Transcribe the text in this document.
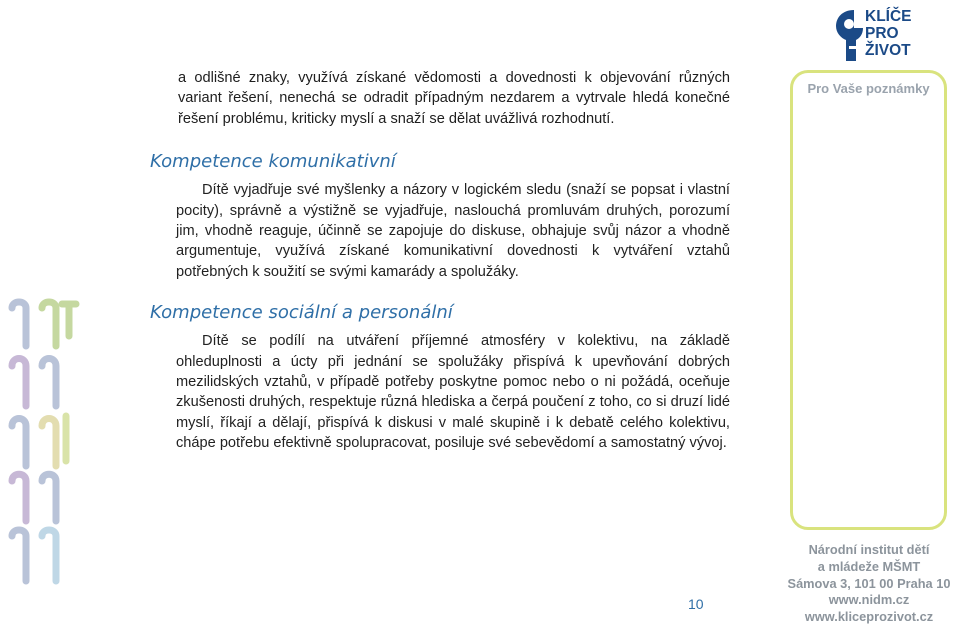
KLÍČE
PRO
ŽIVOT
Pro Vaše poznámky

a odlišné znaky, využívá získané vědomosti a dovednosti k objevování různých variant řešení, nenechá se odradit případným nezdarem a vytrvale hledá konečné řešení problému, kriticky myslí a snaží se dělat uvážlivá rozhodnutí.

Kompetence komunikativní

Dítě vyjadřuje své myšlenky a názory v logickém sledu (snaží se popsat i vlastní pocity), správně a výstižně se vyjadřuje, naslouchá promluvám druhých, porozumí jim, vhodně reaguje, účinně se zapojuje do diskuse, obhajuje svůj názor a vhodně argumentuje, využívá získané komunikativní dovednosti k vytváření vztahů potřebných k soužití se svými kamarády a spolužáky.

Kompetence sociální a personální

Dítě se podílí na utváření příjemné atmosféry v kolektivu, na základě ohleduplnosti a úcty při jednání se spolužáky přispívá k upevňování dobrých mezilidských vztahů, v případě potřeby poskytne pomoc nebo o ni požádá, oceňuje zkušenosti druhých, respektuje různá hlediska a čerpá poučení z toho, co si druzí lidé myslí, říkají a dělají, přispívá k diskusi v malé skupině i k debatě celého kolektivu, chápe potřebu efektivně spolupracovat, posiluje své sebevědomí a samostatný vývoj.

10
Národní institut dětí
a mládeže MŠMT
Sámova 3, 101 00 Praha 10
www.nidm.cz
www.kliceprozivot.cz
